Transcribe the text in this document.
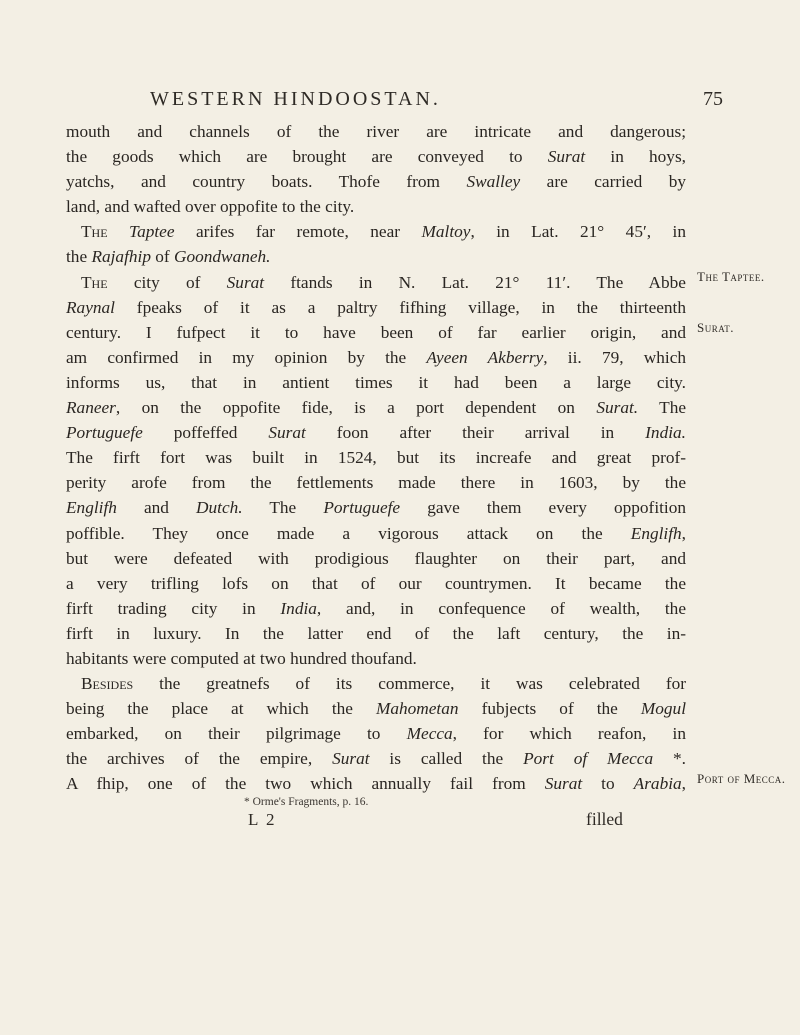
WESTERN HINDOOSTAN.	75
mouth and channels of the river are intricate and dangerous;
the goods which are brought are conveyed to Surat in hoys,
yatchs, and country boats. Thofe from Swalley are carried by
land, and wafted over oppofite to the city.
The Taptee arifes far remote, near Maltoy, in Lat. 21° 45′, in
the Rajafhip of Goondwaneh.
The city of Surat ftands in N. Lat. 21° 11′. The Abbe
Raynal fpeaks of it as a paltry fifhing village, in the thirteenth
century. I fufpect it to have been of far earlier origin, and
am confirmed in my opinion by the Ayeen Akberry, ii. 79, which
informs us, that in antient times it had been a large city.
Raneer, on the oppofite fide, is a port dependent on Surat. The
Portuguefe poffeffed Surat foon after their arrival in India.
The firft fort was built in 1524, but its increafe and great prof-
perity arofe from the fettlements made there in 1603, by the
Englifh and Dutch. The Portuguefe gave them every oppofition
poffible. They once made a vigorous attack on the Englifh,
but were defeated with prodigious flaughter on their part, and
a very trifling lofs on that of our countrymen. It became the
firft trading city in India, and, in confequence of wealth, the
firft in luxury. In the latter end of the laft century, the in-
habitants were computed at two hundred thoufand.
Besides the greatnefs of its commerce, it was celebrated for
being the place at which the Mahometan fubjects of the Mogul
embarked, on their pilgrimage to Mecca, for which reafon, in
the archives of the empire, Surat is called the Port of Mecca *.
A fhip, one of the two which annually fail from Surat to Arabia,
The Taptee.
Surat.
Port of Mecca.
* Orme's Fragments, p. 16.
L 2	filled
